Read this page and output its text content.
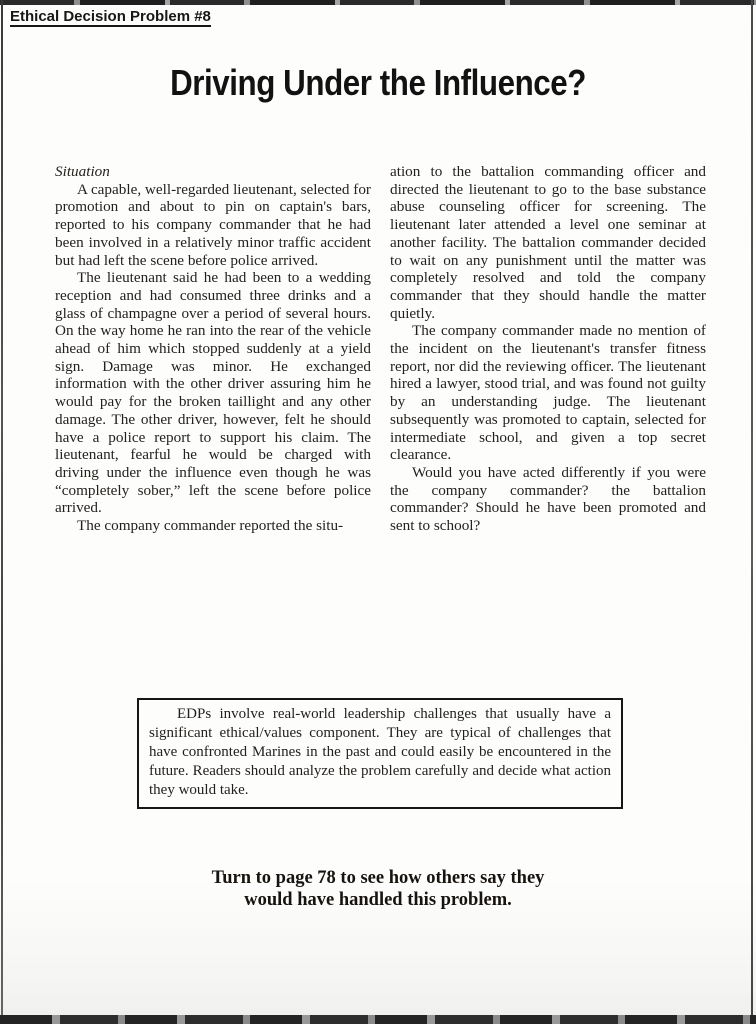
Ethical Decision Problem #8
Driving Under the Influence?

Situation

A capable, well-regarded lieutenant, selected for promotion and about to pin on captain's bars, reported to his company commander that he had been involved in a relatively minor traffic accident but had left the scene before police arrived.

The lieutenant said he had been to a wedding reception and had consumed three drinks and a glass of champagne over a period of several hours. On the way home he ran into the rear of the vehicle ahead of him which stopped suddenly at a yield sign. Damage was minor. He exchanged information with the other driver assuring him he would pay for the broken taillight and any other damage. The other driver, however, felt he should have a police report to support his claim. The lieutenant, fearful he would be charged with driving under the influence even though he was “completely sober,” left the scene before police arrived.

The company commander reported the situ-

ation to the battalion commanding officer and directed the lieutenant to go to the base substance abuse counseling officer for screening. The lieutenant later attended a level one seminar at another facility. The battalion commander decided to wait on any punishment until the matter was completely resolved and told the company commander that they should handle the matter quietly.

The company commander made no mention of the incident on the lieutenant's transfer fitness report, nor did the reviewing officer. The lieutenant hired a lawyer, stood trial, and was found not guilty by an understanding judge. The lieutenant subsequently was promoted to captain, selected for intermediate school, and given a top secret clearance.

Would you have acted differently if you were the company commander? the battalion commander? Should he have been promoted and sent to school?

EDPs involve real-world leadership challenges that usually have a significant ethical/values component. They are typical of challenges that have confronted Marines in the past and could easily be encountered in the future. Readers should analyze the problem carefully and decide what action they would take.

Turn to page 78 to see how others say they
would have handled this problem.
